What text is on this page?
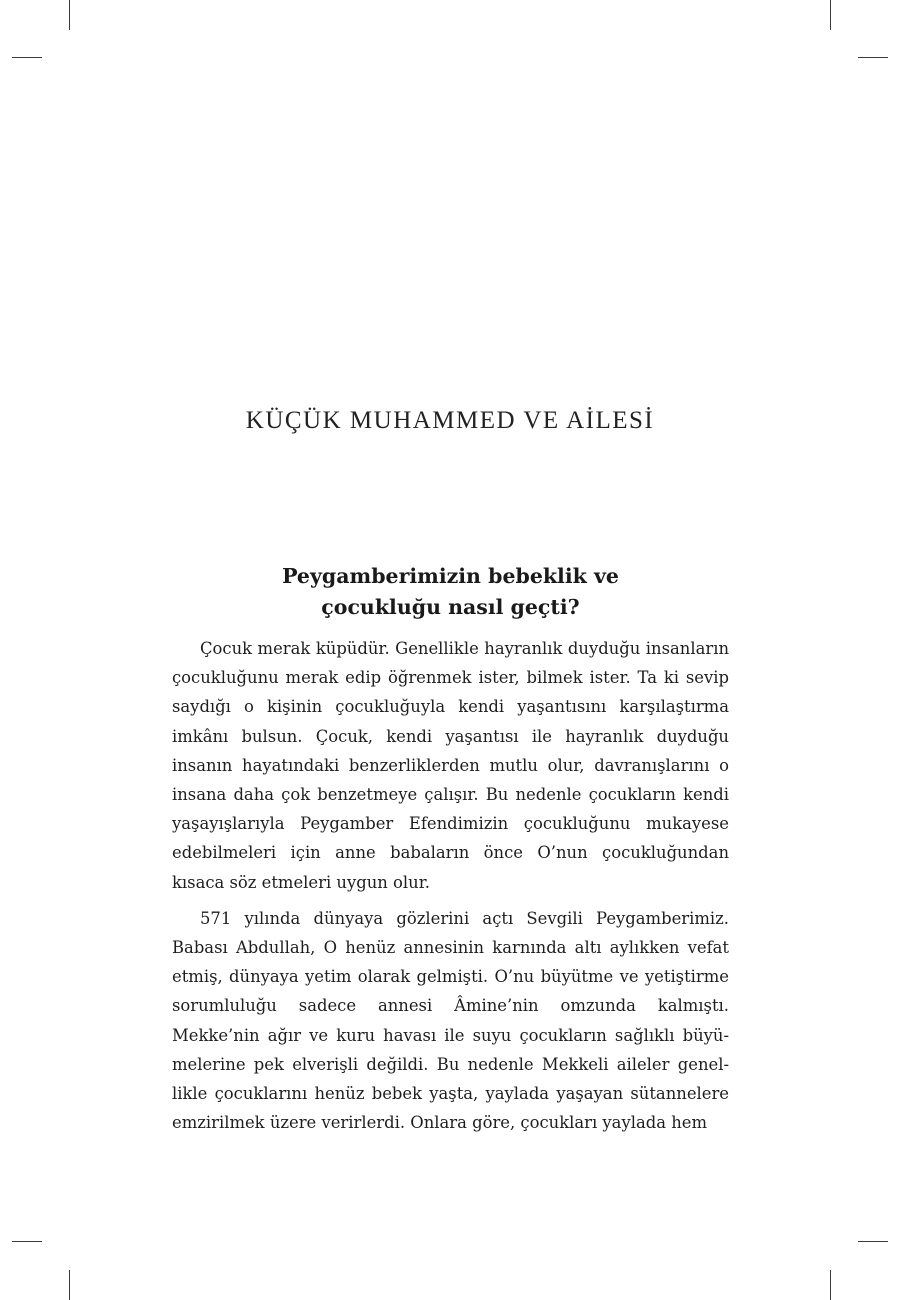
KÜÇÜK MUHAMMED VE AİLESİ
Peygamberimizin bebeklik ve
çocukluğu nasıl geçti?

Çocuk merak küpüdür. Genellikle hayranlık duyduğu insanların çocukluğunu merak edip öğrenmek ister, bilmek ister. Ta ki sevip saydığı o kişinin çocukluğuyla kendi yaşantısını karşılaştırma imkânı bulsun. Çocuk, kendi yaşantısı ile hayranlık duyduğu insanın hayatındaki benzerliklerden mutlu olur, davranışlarını o insana daha çok benzetmeye çalışır. Bu nedenle çocukların kendi yaşayışlarıyla Peygamber Efendimizin çocukluğunu mukayese edebilmeleri için anne babaların önce O’nun çocukluğundan kısaca söz etmeleri uygun olur.

571 yılında dünyaya gözlerini açtı Sevgili Peygamberimiz. Babası Abdullah, O henüz annesinin karnında altı aylıkken vefat etmiş, dünyaya yetim olarak gelmişti. O’nu büyütme ve yetiştirme sorumluluğu sadece annesi Âmine’nin omzunda kalmıştı. Mekke’nin ağır ve kuru havası ile suyu çocukların sağlıklı büyümelerine pek elverişli değildi. Bu nedenle Mekkeli aileler genellikle çocuklarını henüz bebek yaşta, yaylada yaşayan sütannelere emzirilmek üzere verirlerdi. Onlara göre, çocukları yaylada hem
